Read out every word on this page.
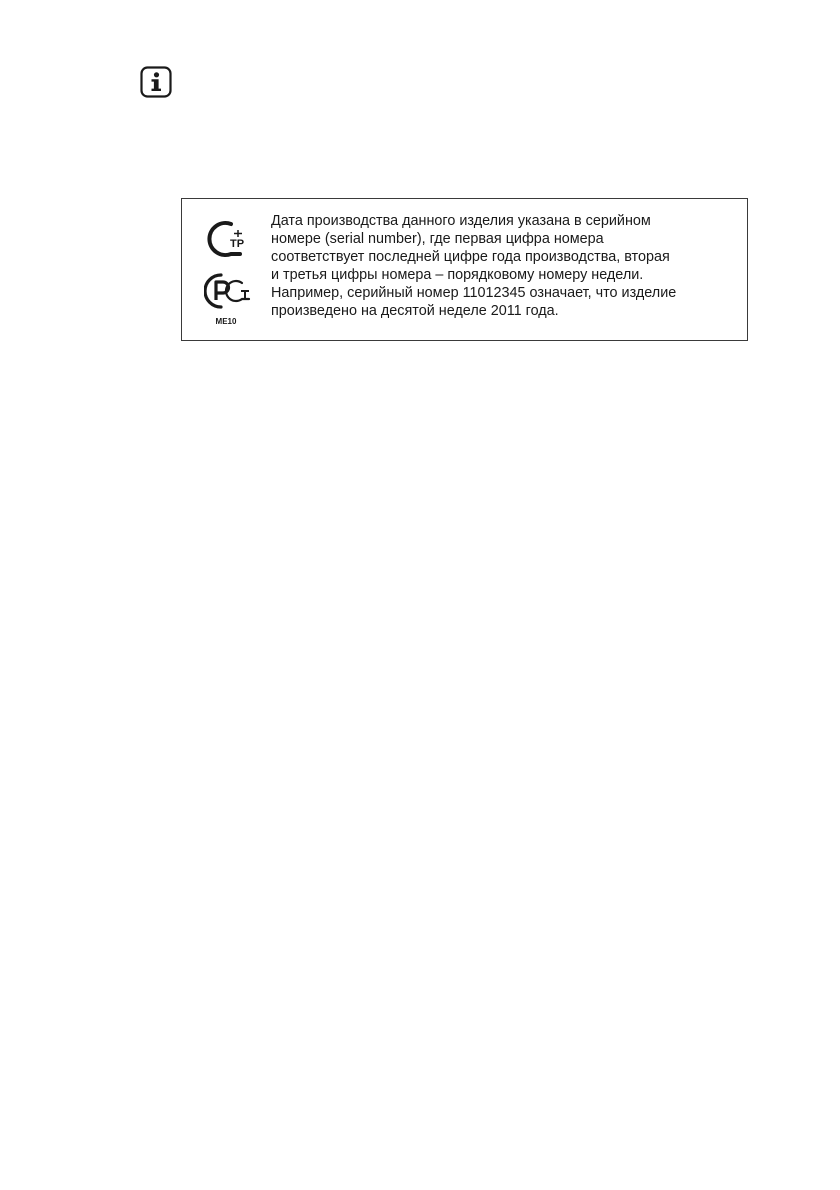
TP
ME10
Дата производства данного изделия указана в серийном
номере (serial number), где первая цифра номера
соответствует последней цифре года производства, вторая
и третья цифры номера – порядковому номеру недели.
Например, серийный номер 11012345 означает, что изделие
произведено на десятой неделе 2011 года.
